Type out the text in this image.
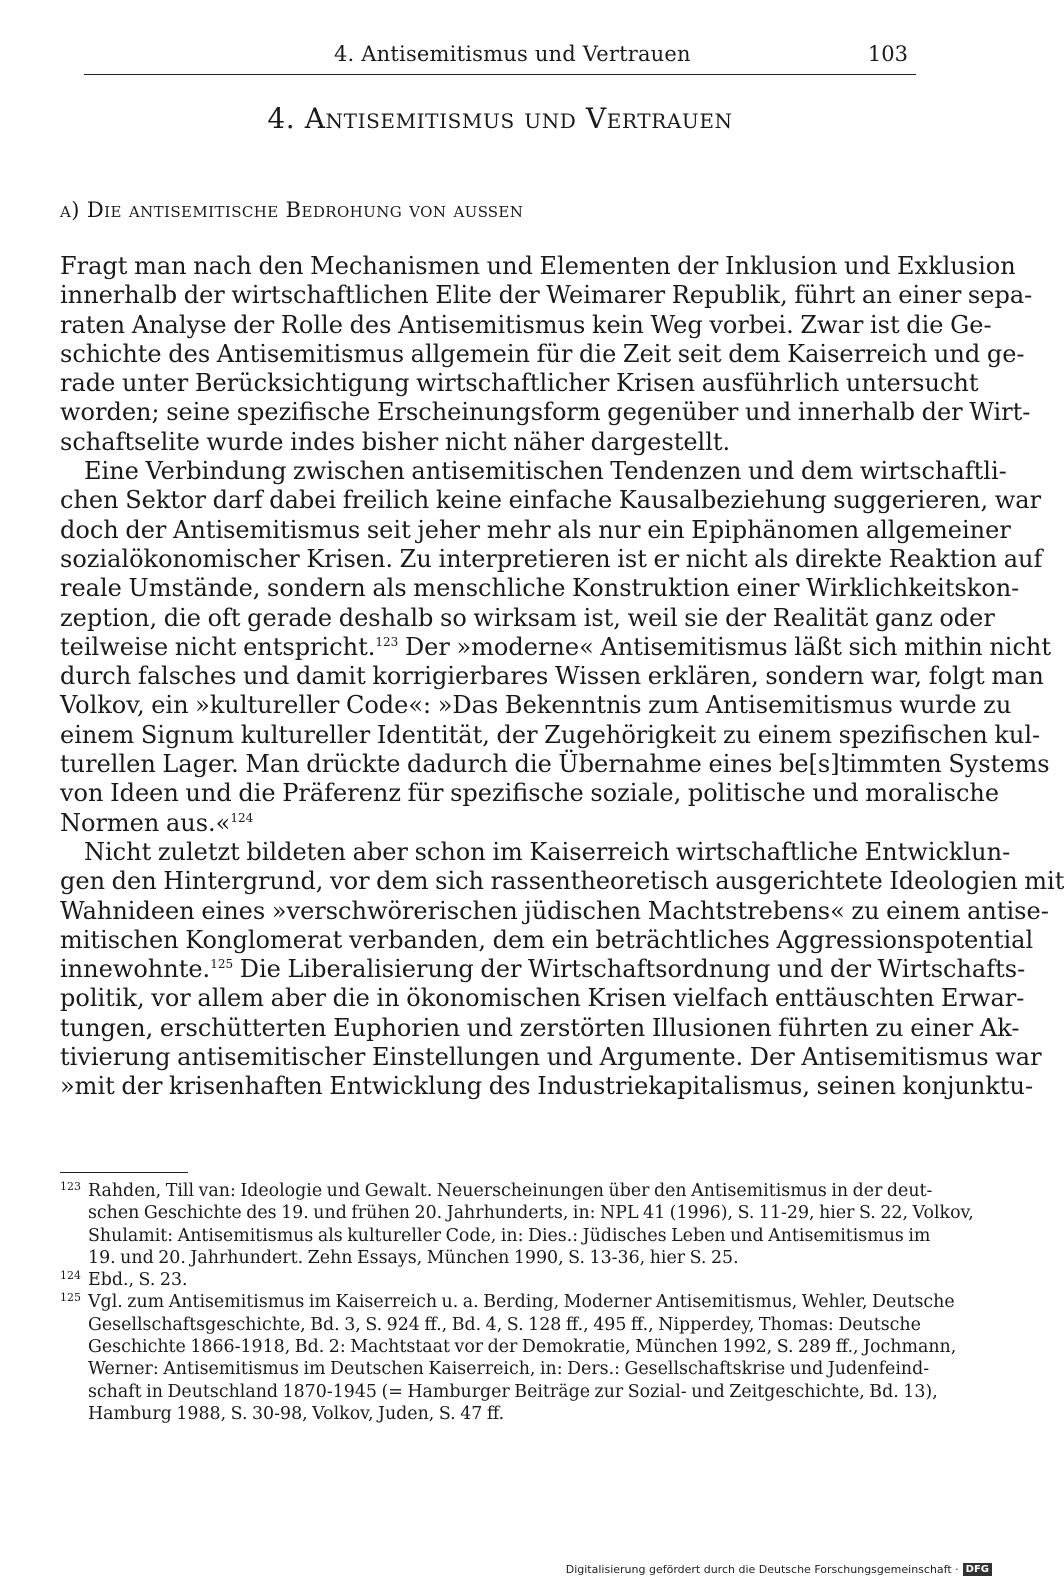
4. Antisemitismus und Vertrauen	103
4. Antisemitismus und Vertrauen
a) Die antisemitische Bedrohung von außen
Fragt man nach den Mechanismen und Elementen der Inklusion und Exklusion
innerhalb der wirtschaftlichen Elite der Weimarer Republik, führt an einer sepa-
raten Analyse der Rolle des Antisemitismus kein Weg vorbei. Zwar ist die Ge-
schichte des Antisemitismus allgemein für die Zeit seit dem Kaiserreich und ge-
rade unter Berücksichtigung wirtschaftlicher Krisen ausführlich untersucht
worden; seine spezifische Erscheinungsform gegenüber und innerhalb der Wirt-
schaftselite wurde indes bisher nicht näher dargestellt.
Eine Verbindung zwischen antisemitischen Tendenzen und dem wirtschaftli-
chen Sektor darf dabei freilich keine einfache Kausalbeziehung suggerieren, war
doch der Antisemitismus seit jeher mehr als nur ein Epiphänomen allgemeiner
sozialökonomischer Krisen. Zu interpretieren ist er nicht als direkte Reaktion auf
reale Umstände, sondern als menschliche Konstruktion einer Wirklichkeitskon-
zeption, die oft gerade deshalb so wirksam ist, weil sie der Realität ganz oder
teilweise nicht entspricht.$^{123}$ Der »moderne« Antisemitismus läßt sich mithin nicht
durch falsches und damit korrigierbares Wissen erklären, sondern war, folgt man
Volkov, ein »kultureller Code«: »Das Bekenntnis zum Antisemitismus wurde zu
einem Signum kultureller Identität, der Zugehörigkeit zu einem spezifischen kul-
turellen Lager. Man drückte dadurch die Übernahme eines be[s]timmten Systems
von Ideen und die Präferenz für spezifische soziale, politische und moralische
Normen aus.«$^{124}$
Nicht zuletzt bildeten aber schon im Kaiserreich wirtschaftliche Entwicklun-
gen den Hintergrund, vor dem sich rassentheoretisch ausgerichtete Ideologien mit
Wahnideen eines »verschwörerischen jüdischen Machtstrebens« zu einem antise-
mitischen Konglomerat verbanden, dem ein beträchtliches Aggressionspotential
innewohnte.$^{125}$ Die Liberalisierung der Wirtschaftsordnung und der Wirtschafts-
politik, vor allem aber die in ökonomischen Krisen vielfach enttäuschten Erwar-
tungen, erschütterten Euphorien und zerstörten Illusionen führten zu einer Ak-
tivierung antisemitischer Einstellungen und Argumente. Der Antisemitismus war
»mit der krisenhaften Entwicklung des Industriekapitalismus, seinen konjunktu-
123 Rahden, Till van: Ideologie und Gewalt. Neuerscheinungen über den Antisemitismus in der deut-
schen Geschichte des 19. und frühen 20. Jahrhunderts, in: NPL 41 (1996), S. 11-29, hier S. 22, Volkov,
Shulamit: Antisemitismus als kultureller Code, in: Dies.: Jüdisches Leben und Antisemitismus im
19. und 20. Jahrhundert. Zehn Essays, München 1990, S. 13-36, hier S. 25.
124 Ebd., S. 23.
125 Vgl. zum Antisemitismus im Kaiserreich u. a. Berding, Moderner Antisemitismus, Wehler, Deutsche
Gesellschaftsgeschichte, Bd. 3, S. 924 ff., Bd. 4, S. 128 ff., 495 ff., Nipperdey, Thomas: Deutsche
Geschichte 1866-1918, Bd. 2: Machtstaat vor der Demokratie, München 1992, S. 289 ff., Jochmann,
Werner: Antisemitismus im Deutschen Kaiserreich, in: Ders.: Gesellschaftskrise und Judenfeind-
schaft in Deutschland 1870-1945 (= Hamburger Beiträge zur Sozial- und Zeitgeschichte, Bd. 13),
Hamburg 1988, S. 30-98, Volkov, Juden, S. 47 ff.
Digitalisierung gefördert durch die Deutsche Forschungsgemeinschaft · DFG
